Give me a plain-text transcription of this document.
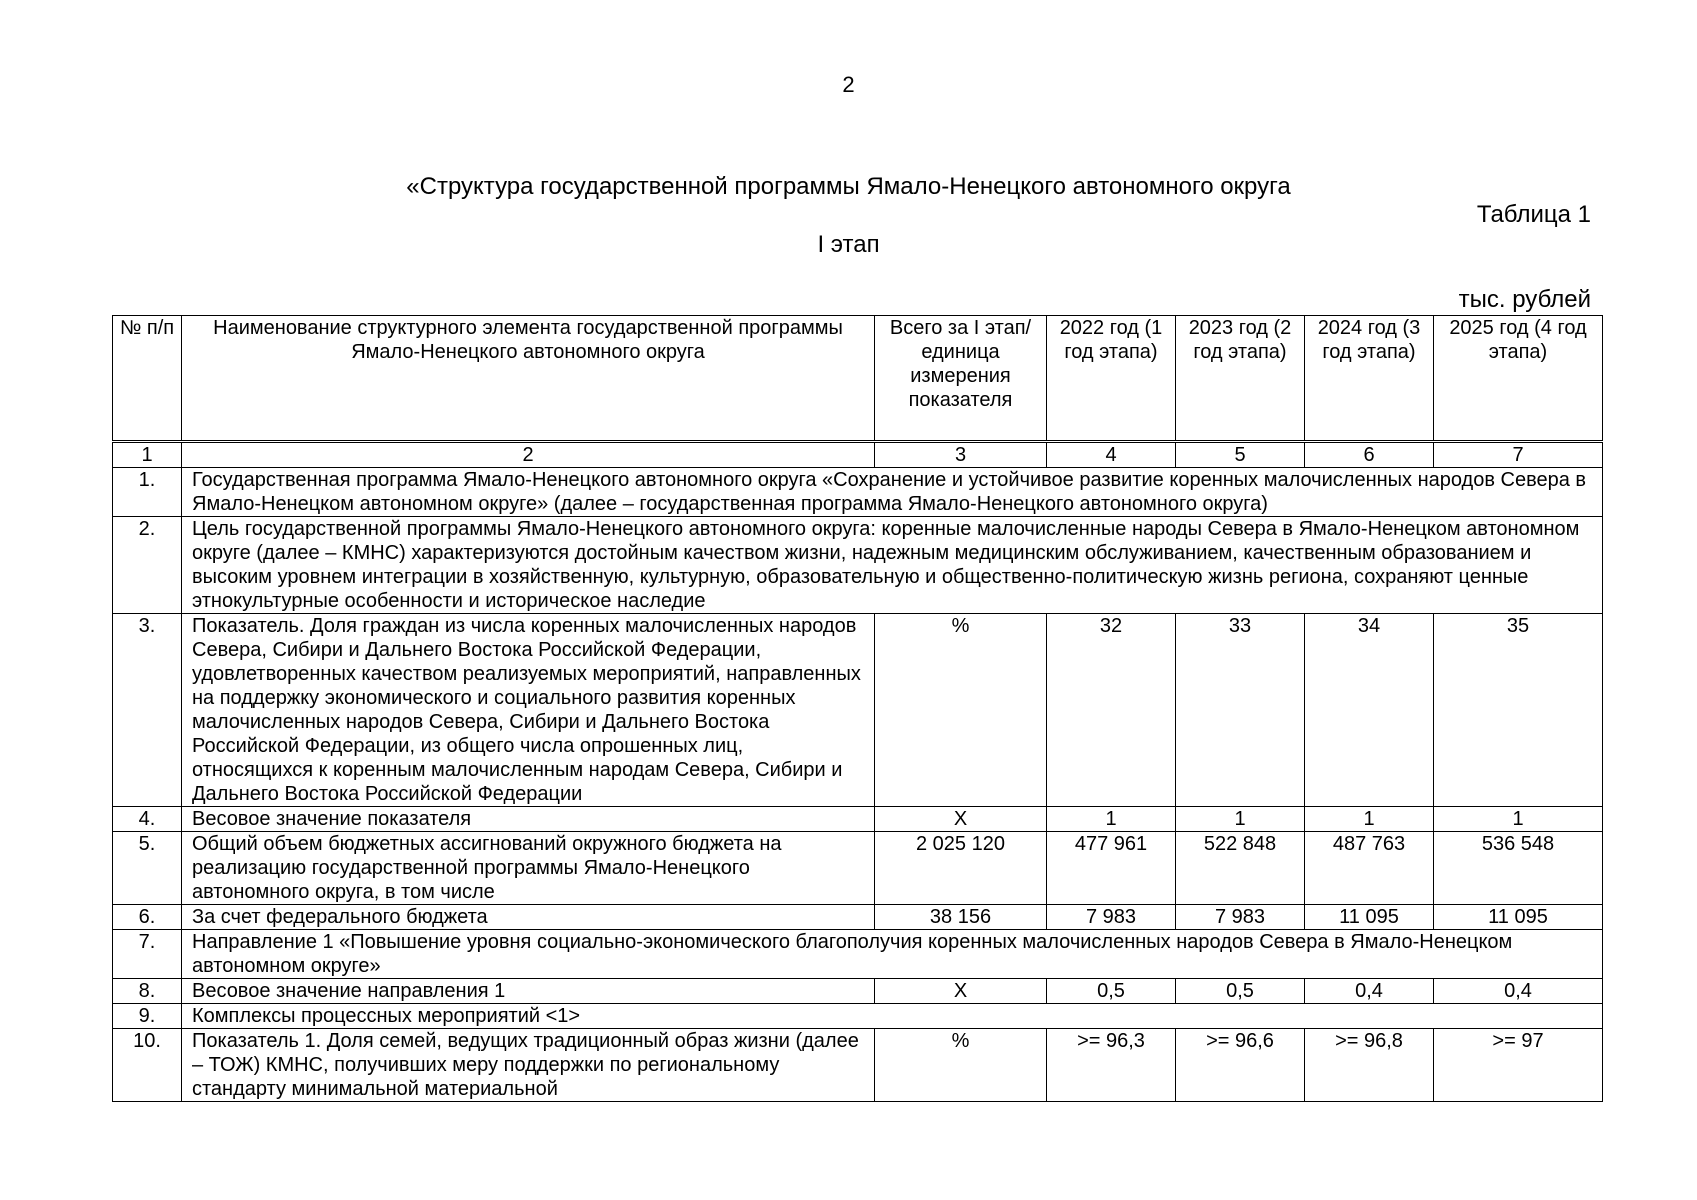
2
«Структура государственной программы Ямало-Ненецкого автономного округа
Таблица 1
I этап
тыс. рублей
№ п/п	Наименование структурного элемента государственной программы Ямало-Ненецкого автономного округа	Всего за I этап/ единица измерения показателя	2022 год (1 год этапа)	2023 год (2 год этапа)	2024 год (3 год этапа)	2025 год (4 год этапа)
1	2	3	4	5	6	7
1.	Государственная программа Ямало-Ненецкого автономного округа «Сохранение и устойчивое развитие коренных малочисленных народов Севера в Ямало-Ненецком автономном округе» (далее – государственная программа Ямало-Ненецкого автономного округа)					
2.	Цель государственной программы Ямало-Ненецкого автономного округа: коренные малочисленные народы Севера в Ямало-Ненецком автономном округе (далее – КМНС) характеризуются достойным качеством жизни, надежным медицинским обслуживанием, качественным образованием и высоким уровнем интеграции в хозяйственную, культурную, образовательную и общественно-политическую жизнь региона, сохраняют ценные этнокультурные особенности и историческое наследие					
3.	Показатель. Доля граждан из числа коренных малочисленных народов Севера, Сибири и Дальнего Востока Российской Федерации, удовлетворенных качеством реализуемых мероприятий, направленных на поддержку экономического и социального развития коренных малочисленных народов Севера, Сибири и Дальнего Востока Российской Федерации, из общего числа опрошенных лиц, относящихся к коренным малочисленным народам Севера, Сибири и Дальнего Востока Российской Федерации	%	32	33	34	35
4.	Весовое значение показателя	Х	1	1	1	1
5.	Общий объем бюджетных ассигнований окружного бюджета на реализацию государственной программы Ямало-Ненецкого автономного округа, в том числе	2 025 120	477 961	522 848	487 763	536 548
6.	За счет федерального бюджета	38 156	7 983	7 983	11 095	11 095
7.	Направление 1 «Повышение уровня социально-экономического благополучия коренных малочисленных народов Севера в Ямало-Ненецком автономном округе»					
8.	Весовое значение направления 1	Х	0,5	0,5	0,4	0,4
9.	Комплексы процессных мероприятий <1>					
10.	Показатель 1. Доля семей, ведущих традиционный образ жизни (далее – ТОЖ) КМНС, получивших меру поддержки по региональному стандарту минимальной материальной	%	>= 96,3	>= 96,6	>= 96,8	>= 97
